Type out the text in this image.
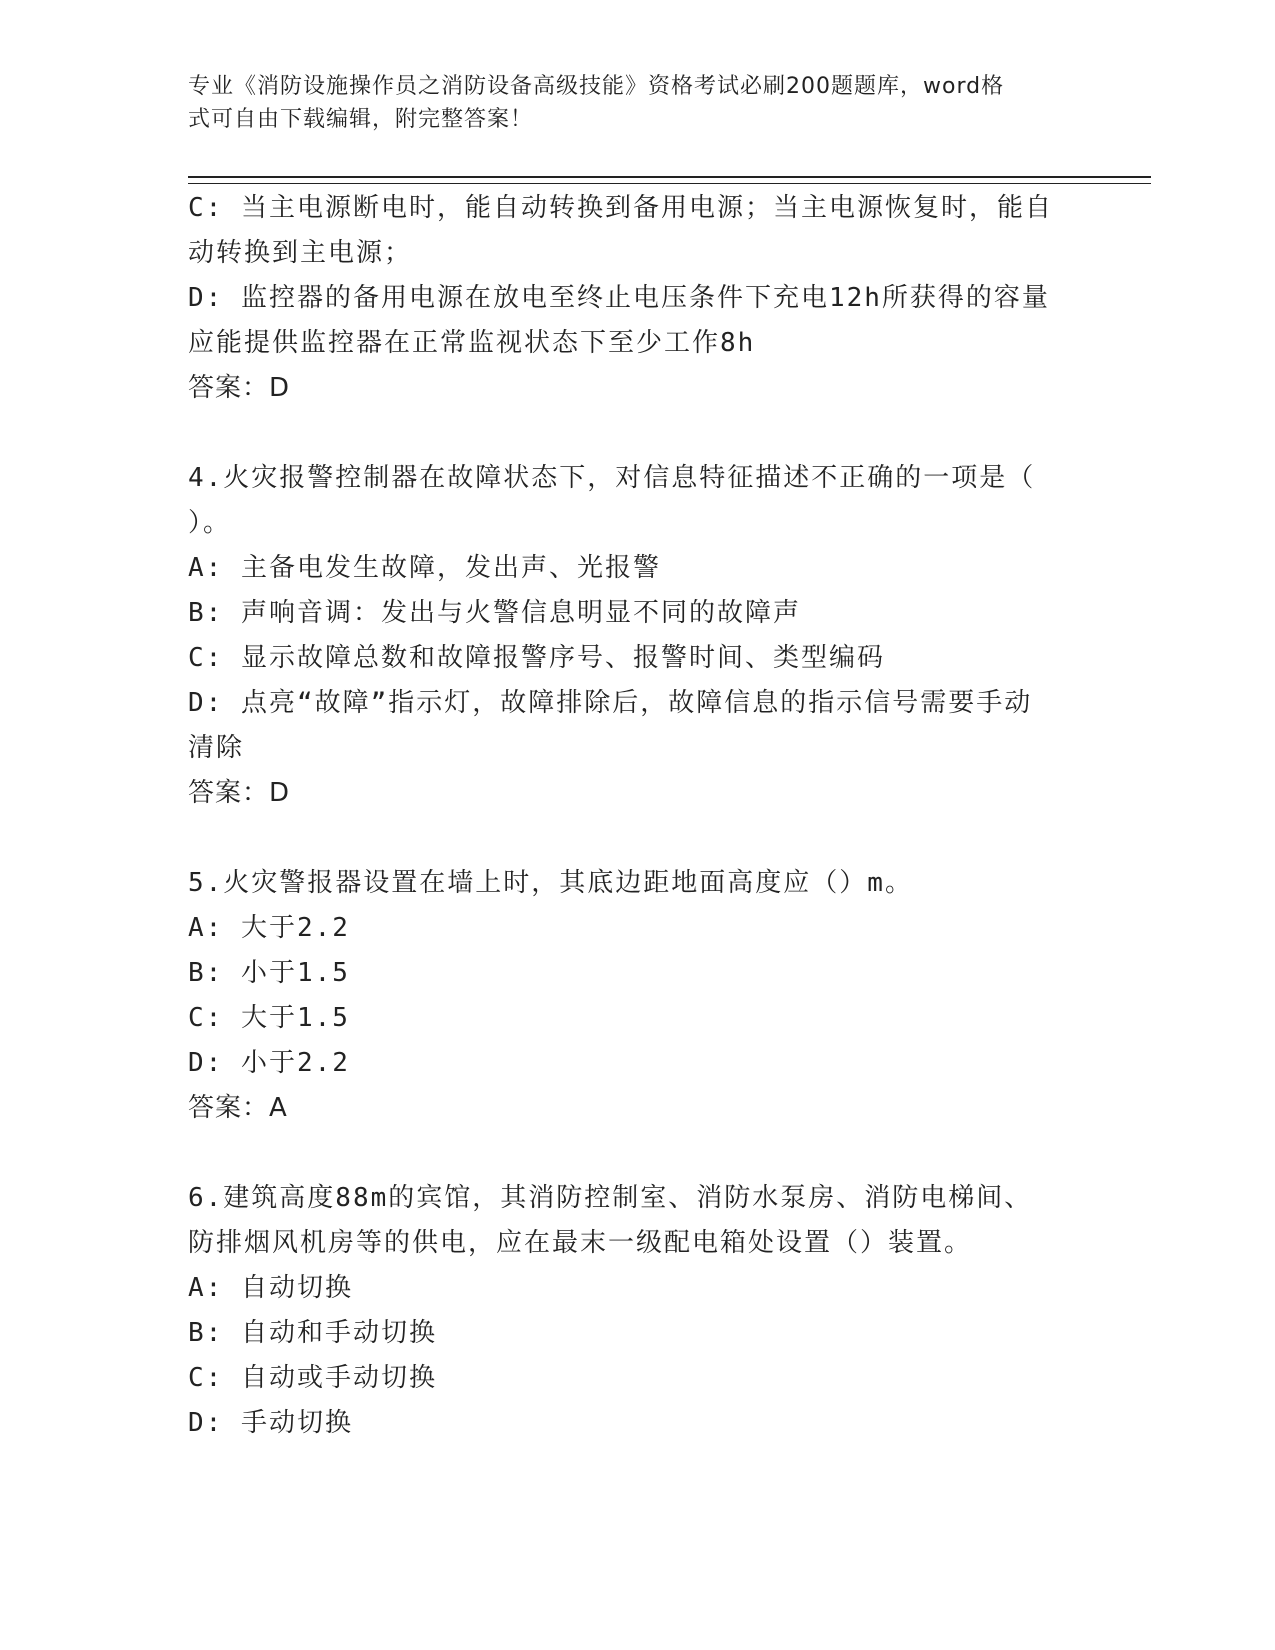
专业《消防设施操作员之消防设备高级技能》资格考试必刷200题题库，word格
式可自由下载编辑，附完整答案！
C: 当主电源断电时，能自动转换到备用电源；当主电源恢复时，能自
动转换到主电源；
D: 监控器的备用电源在放电至终止电压条件下充电12h所获得的容量
应能提供监控器在正常监视状态下至少工作8h
答案：D
4.火灾报警控制器在故障状态下，对信息特征描述不正确的一项是（
）。
A: 主备电发生故障，发出声、光报警
B: 声响音调：发出与火警信息明显不同的故障声
C: 显示故障总数和故障报警序号、报警时间、类型编码
D: 点亮“故障”指示灯，故障排除后，故障信息的指示信号需要手动
清除
答案：D
5.火灾警报器设置在墙上时，其底边距地面高度应（）m。
A: 大于2.2
B: 小于1.5
C: 大于1.5
D: 小于2.2
答案：A
6.建筑高度88m的宾馆，其消防控制室、消防水泵房、消防电梯间、
防排烟风机房等的供电，应在最末一级配电箱处设置（）装置。
A: 自动切换
B: 自动和手动切换
C: 自动或手动切换
D: 手动切换
